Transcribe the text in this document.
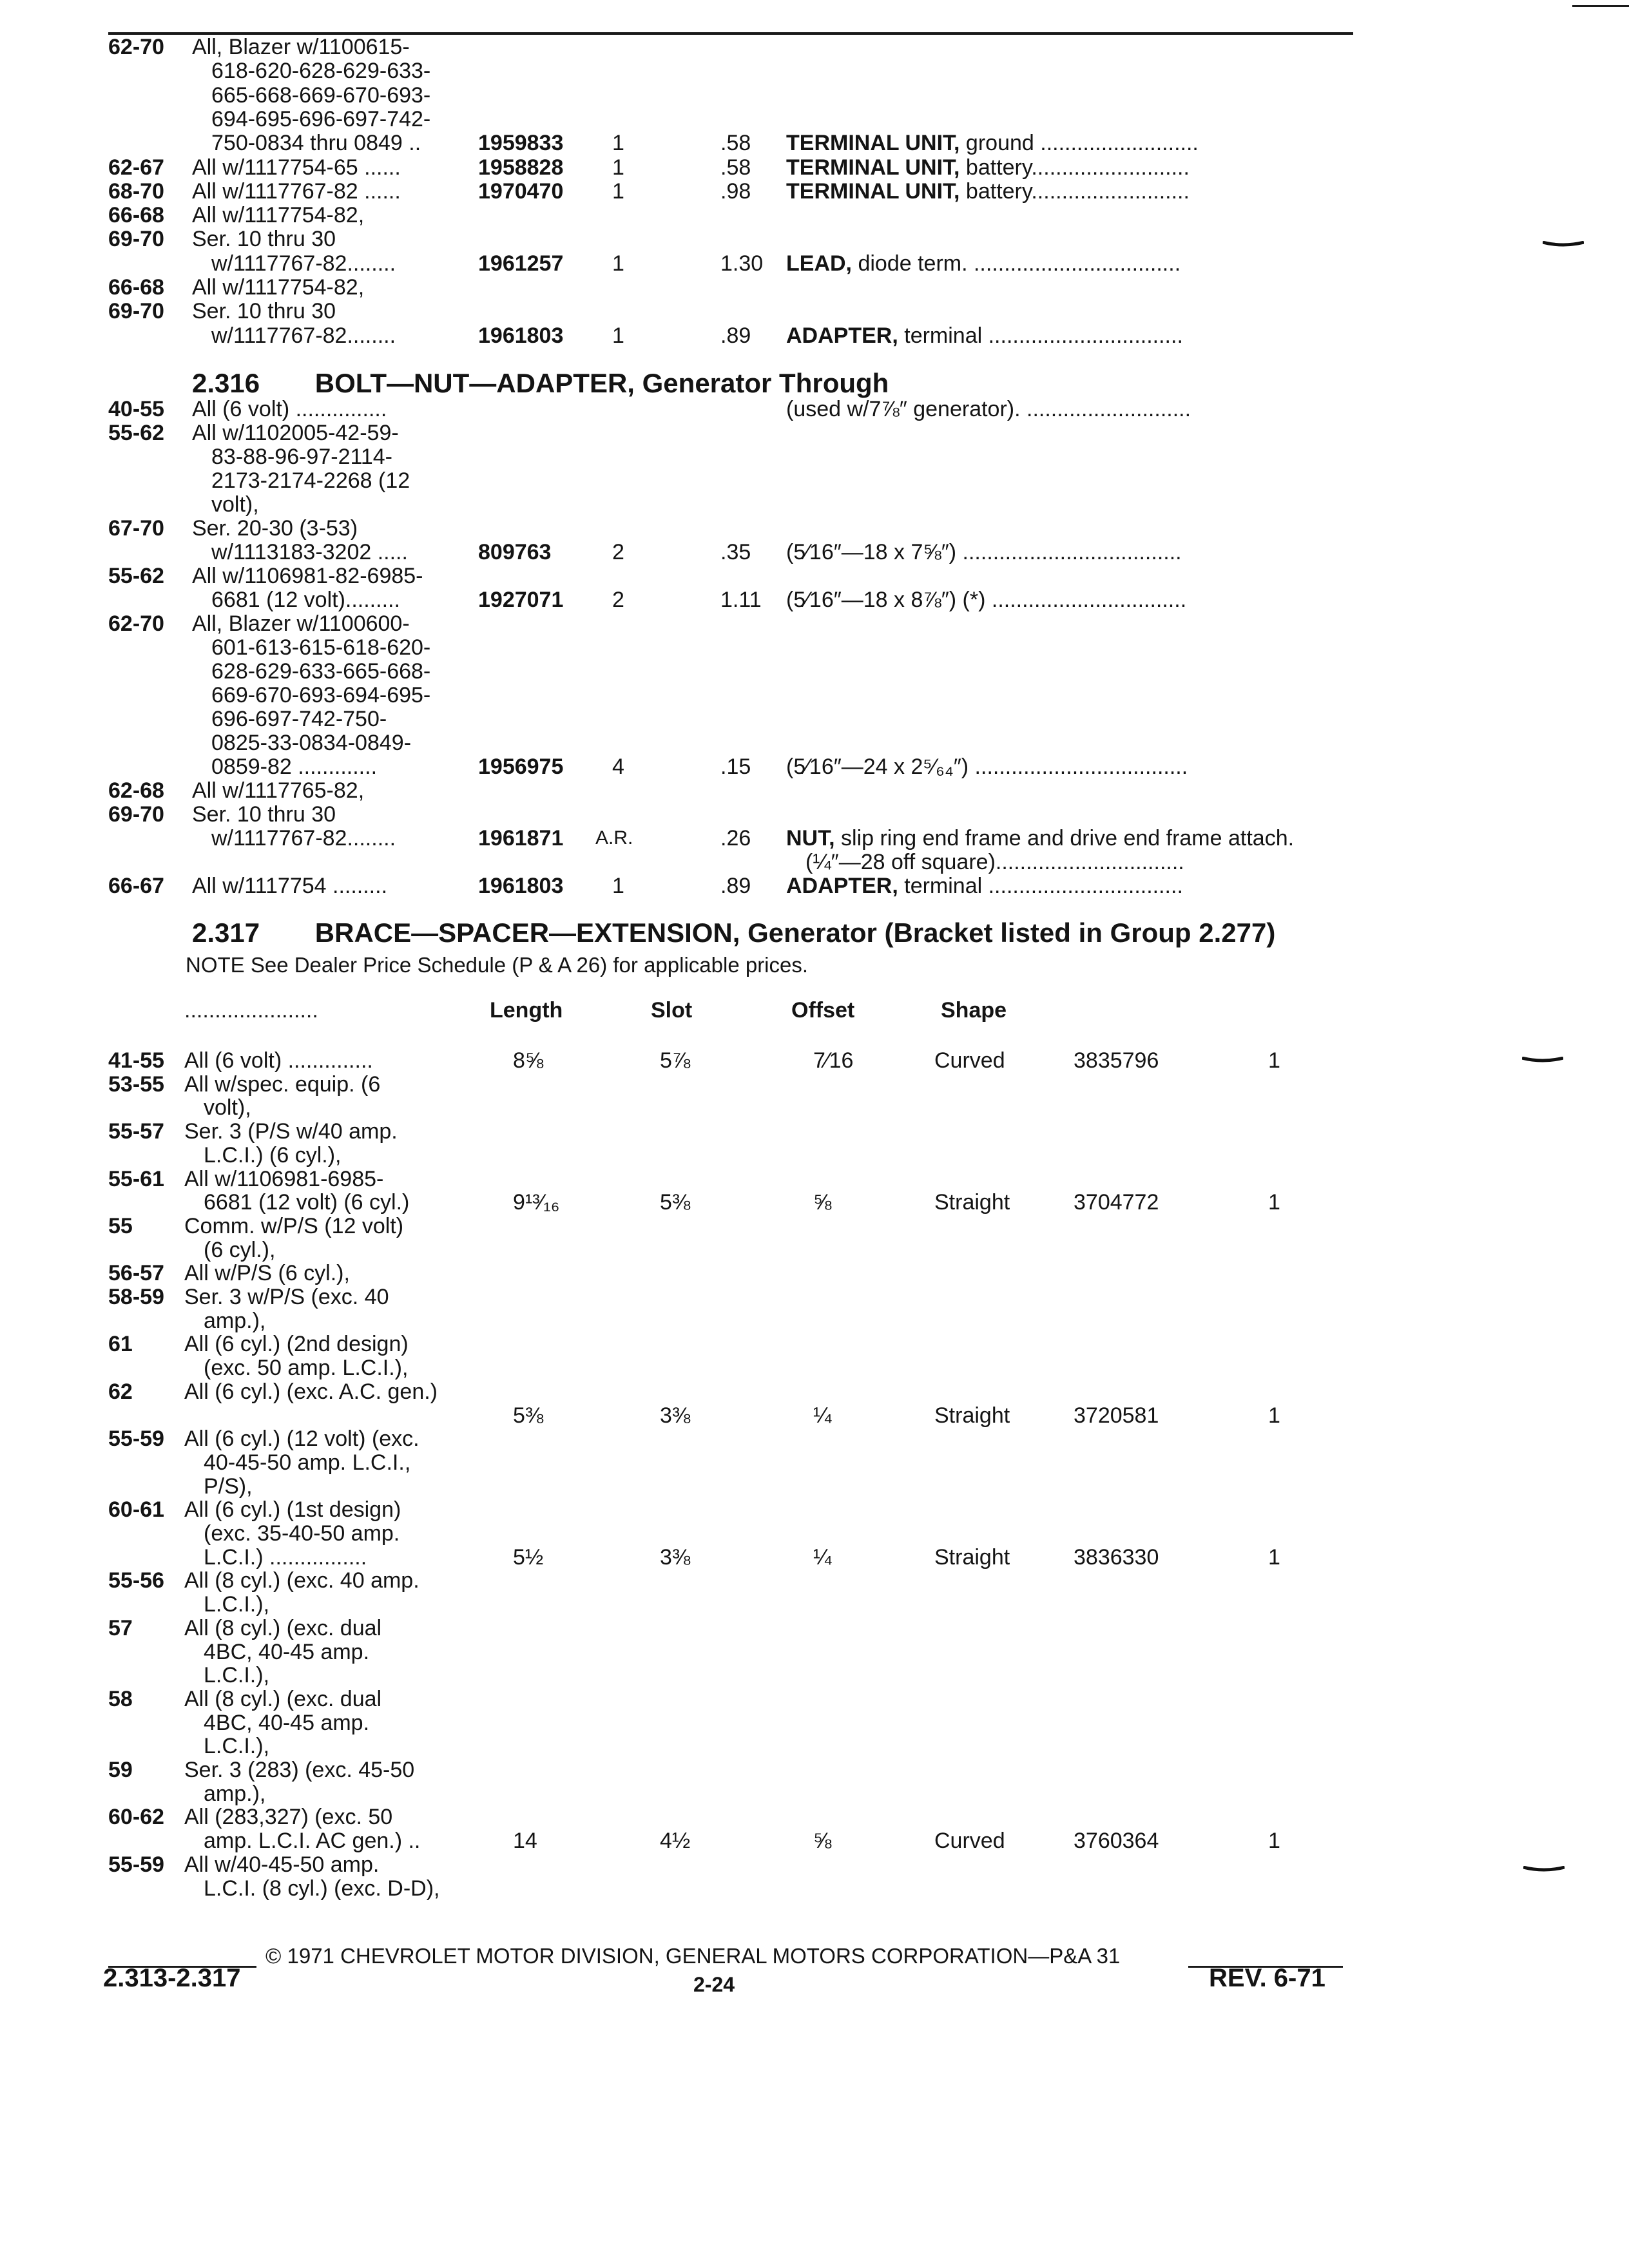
62-70 All, Blazer w/1100615-
618-620-628-629-633-
665-668-669-670-693-
694-695-696-697-742-
750-0834 thru 0849 ..	1959833 1	.58 TERMINAL UNIT, ground ..........................
62-67 All w/1117754-65 ......	1958828 1	.58 TERMINAL UNIT, battery..........................
68-70 All w/1117767-82 ......	1970470 1	.98 TERMINAL UNIT, battery..........................
66-68 All w/1117754-82,
69-70 Ser. 10 thru 30
w/1117767-82........	1961257 1	1.30 LEAD, diode term. ..................................
66-68 All w/1117754-82,
69-70 Ser. 10 thru 30
w/1117767-82........	1961803 1	.89 ADAPTER, terminal ................................
2.316 BOLT—NUT—ADAPTER, Generator Through
40-55 All (6 volt) ...............	(used w/7⅞″ generator). ...........................
55-62 All w/1102005-42-59-
83-88-96-97-2114-
2173-2174-2268 (12
volt),
67-70 Ser. 20-30 (3-53)
w/1113183-3202 .....	809763	2	.35 (5⁄16″—18 x 7⅝″) ....................................
55-62 All w/1106981-82-6985-
6681 (12 volt).........	1927071 2	1.11 (5⁄16″—18 x 8⅞″) (*) ................................
62-70 All, Blazer w/1100600-
601-613-615-618-620-
628-629-633-665-668-
669-670-693-694-695-
696-697-742-750-
0825-33-0834-0849-
0859-82 .............	1956975 4	.15 (5⁄16″—24 x 2⁵⁄₆₄″) ...................................
62-68 All w/1117765-82,
69-70 Ser. 10 thru 30
w/1117767-82........	1961871 A.R.	.26 NUT, slip ring end frame and drive end frame attach.
(¼″—28 off square)...............................
66-67 All w/1117754 .........	1961803 1	.89 ADAPTER, terminal ................................
2.317 BRACE—SPACER—EXTENSION, Generator (Bracket listed in Group 2.277)
NOTE See Dealer Price Schedule (P & A 26) for applicable prices.
......................	Length	Slot	Offset	Shape
41-55 All (6 volt) ..............	8⅝	5⅞	7⁄16	Curved	3835796	1
53-55 All w/spec. equip. (6
volt),
55-57 Ser. 3 (P/S w/40 amp.
L.C.I.) (6 cyl.),
55-61 All w/1106981-6985-
6681 (12 volt) (6 cyl.)	9¹³⁄₁₆	5⅜	⅝	Straight	3704772	1
55 Comm. w/P/S (12 volt)
(6 cyl.),
56-57 All w/P/S (6 cyl.),
58-59 Ser. 3 w/P/S (exc. 40
amp.),
61 All (6 cyl.) (2nd design)
(exc. 50 amp. L.C.I.),
62 All (6 cyl.) (exc. A.C. gen.)
5⅜	3⅜	¼	Straight	3720581	1
55-59 All (6 cyl.) (12 volt) (exc.
40-45-50 amp. L.C.I.,
P/S),
60-61 All (6 cyl.) (1st design)
(exc. 35-40-50 amp.
L.C.I.) ................	5½	3⅜	¼	Straight	3836330	1
55-56 All (8 cyl.) (exc. 40 amp.
L.C.I.),
57 All (8 cyl.) (exc. dual
4BC, 40-45 amp.
L.C.I.),
58 All (8 cyl.) (exc. dual
4BC, 40-45 amp.
L.C.I.),
59 Ser. 3 (283) (exc. 45-50
amp.),
60-62 All (283,327) (exc. 50
amp. L.C.I. AC gen.) ..	14	4½	⅝	Curved	3760364	1
55-59 All w/40-45-50 amp.
L.C.I. (8 cyl.) (exc. D-D),
© 1971 CHEVROLET MOTOR DIVISION, GENERAL MOTORS CORPORATION—P&A 31
2.313-2.317	2-24	REV. 6-71
